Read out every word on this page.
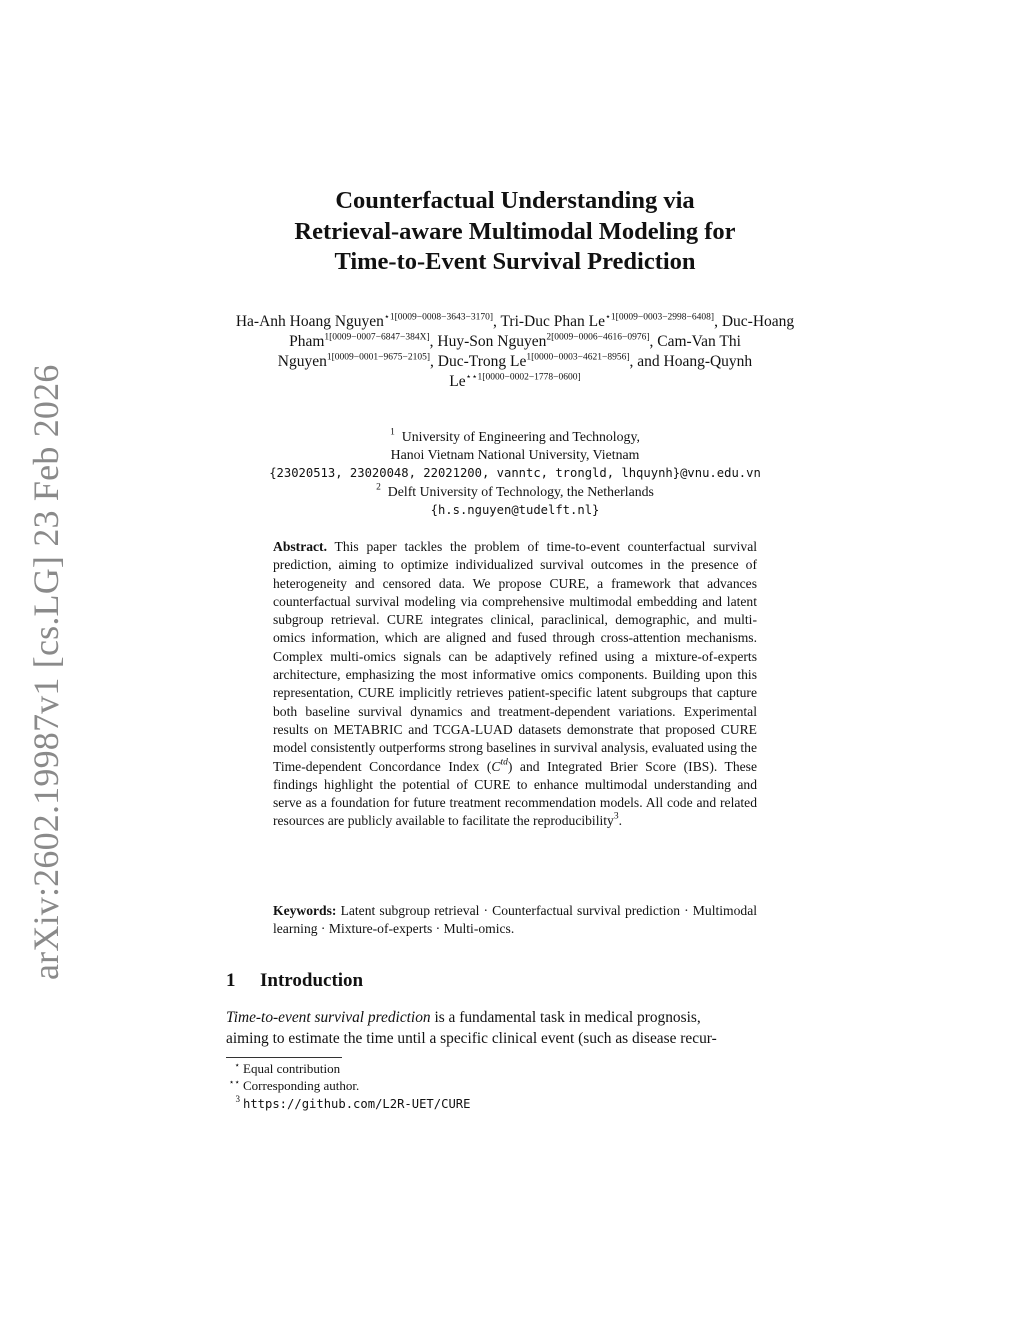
arXiv:2602.19987v1 [cs.LG] 23 Feb 2026
Counterfactual Understanding via
Retrieval-aware Multimodal Modeling for
Time-to-Event Survival Prediction
Ha-Anh Hoang Nguyen$^{⋆1[0009-0008-3643-3170]}$, Tri-Duc Phan $Le^{⋆1[0009-0003-2998-6408]}$, Duc-Hoang Pham$^{1[0009-0007-6847-384X]}$, Huy-Son Nguyen$^{2[0009-0006-4616-0976]}$, Cam-Van Thi Nguyen$^{1[0009-0001-9675-2105]}$, Duc-Trong $Le^{1[0000-0003-4621-8956]}$, and Hoang-Quynh $Le^{⋆⋆1[0000-0002-1778-0600]}$
$^1$ University of Engineering and Technology,
Hanoi Vietnam National University, Vietnam
{23020513, 23020048, 22021200, vanntc, trongld, lhquynh}@vnu.edu.vn
$^2$ Delft University of Technology, the Netherlands
{h.s.nguyen@tudelft.nl}
Abstract. This paper tackles the problem of time-to-event counterfactual survival prediction, aiming to optimize individualized survival outcomes in the presence of heterogeneity and censored data. We propose CURE, a framework that advances counterfactual survival modeling via comprehensive multimodal embedding and latent subgroup retrieval. CURE integrates clinical, paraclinical, demographic, and multi-omics information, which are aligned and fused through cross-attention mechanisms. Complex multi-omics signals can be adaptively refined using a mixture-of-experts architecture, emphasizing the most informative omics components. Building upon this representation, CURE implicitly retrieves patient-specific latent subgroups that capture both baseline survival dynamics and treatment-dependent variations. Experimental results on METABRIC and TCGA-LUAD datasets demonstrate that proposed CURE model consistently outperforms strong baselines in survival analysis, evaluated using the Time-dependent Concordance Index $(C^{td})$ and Integrated Brier Score (IBS). These findings highlight the potential of CURE to enhance multimodal understanding and serve as a foundation for future treatment recommendation models. All code and related resources are publicly available to facilitate the reproducibility$^3$.
Keywords: Latent subgroup retrieval · Counterfactual survival prediction · Multimodal learning · Mixture-of-experts · Multi-omics.
1 Introduction
Time-to-event survival prediction is a fundamental task in medical prognosis,
aiming to estimate the time until a specific clinical event (such as disease recur-
⋆ Equal contribution
⋆⋆ Corresponding author.
3 https://github.com/L2R-UET/CURE
